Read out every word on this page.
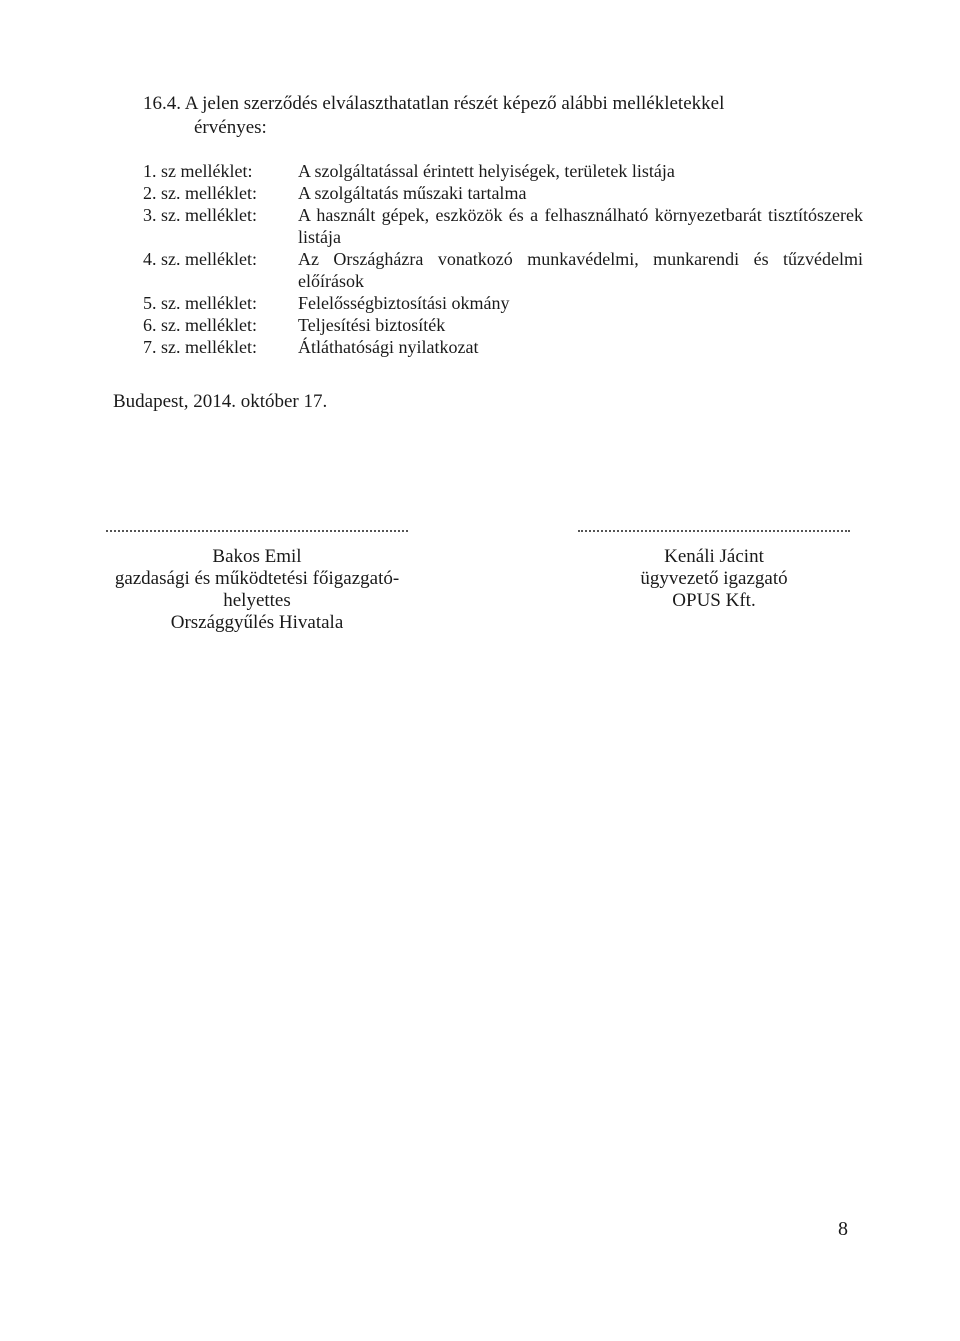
16.4. A jelen szerződés elválaszthatatlan részét képező alábbi mellékletekkel
érvényes:
1. sz melléklet:	A szolgáltatással érintett helyiségek, területek listája
2. sz. melléklet:	A szolgáltatás műszaki tartalma
3. sz. melléklet:	A használt gépek, eszközök és a felhasználható környezetbarát tisztítószerek listája
4. sz. melléklet:	Az Országházra vonatkozó munkavédelmi, munkarendi és tűzvédelmi előírások
5. sz. melléklet:	Felelősségbiztosítási okmány
6. sz. melléklet:	Teljesítési biztosíték
7. sz. melléklet:	Átláthatósági nyilatkozat
Budapest, 2014. október 17.
Bakos Emil
gazdasági és működtetési főigazgató-helyettes
Országgyűlés Hivatala
Kenáli Jácint
ügyvezető igazgató
OPUS Kft.
8
